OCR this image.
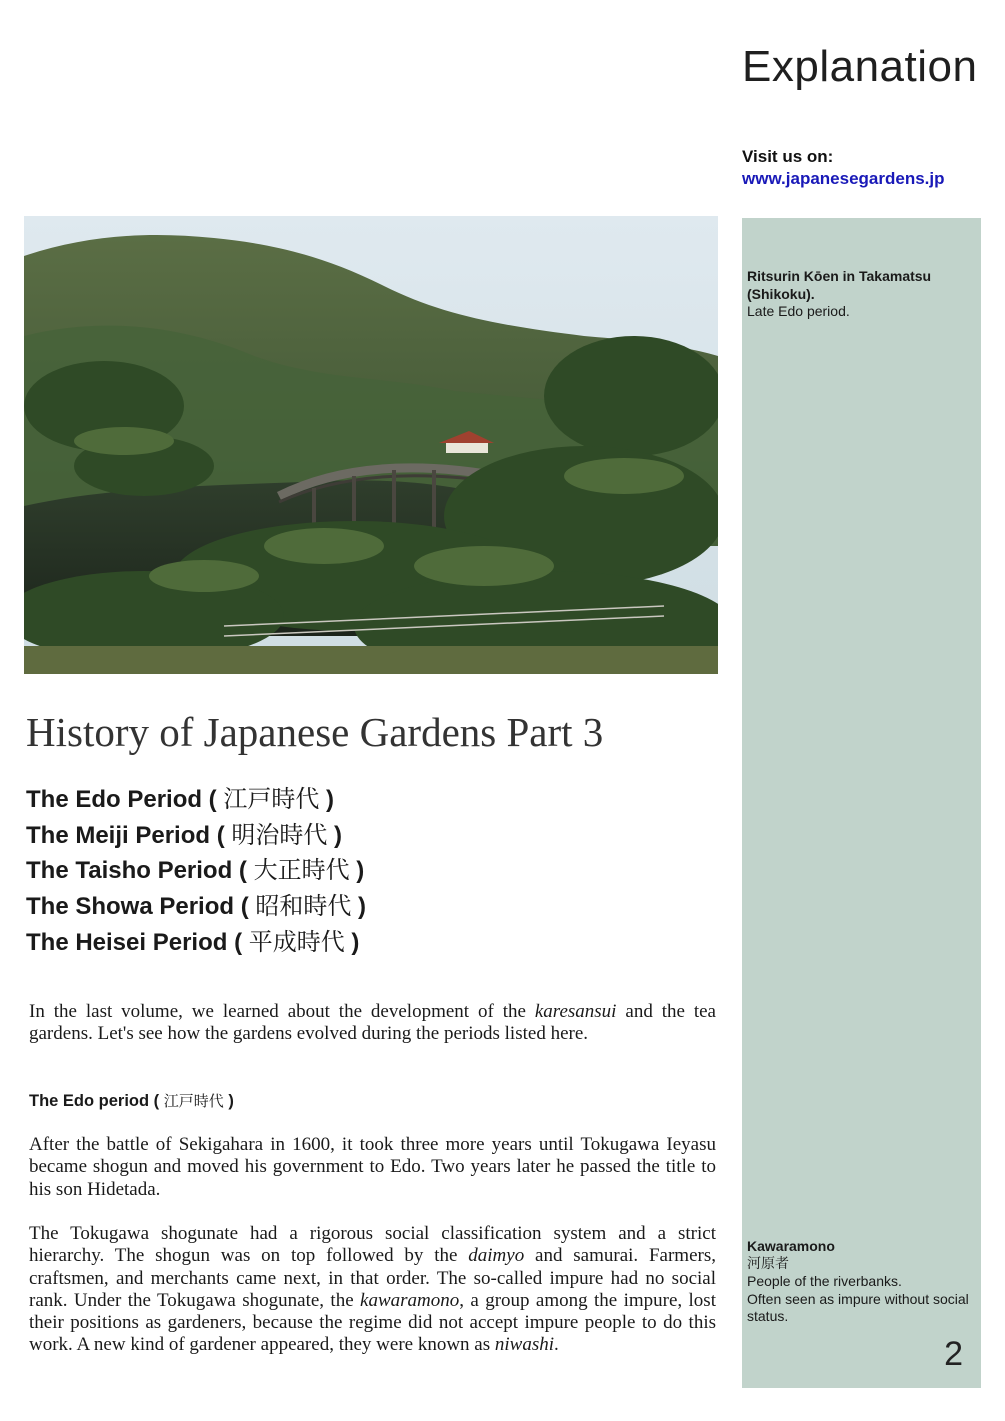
Explanation
Visit us on:
www.japanesegardens.jp
Ritsurin Kōen in Takamatsu (Shikoku).
Late Edo period.
Kawaramono
河原者
People of the riverbanks.
Often seen as impure without social status.
2
History of Japanese Gardens Part 3
The Edo Period ( 江戸時代 )
The Meiji Period ( 明治時代 )
The Taisho Period ( 大正時代 )
The Showa Period ( 昭和時代 )
The Heisei Period ( 平成時代 )
In the last volume, we learned about the development of the karesansui and the tea gardens. Let's see how the gardens evolved during the periods listed here.
The Edo period ( 江戸時代 )
After the battle of Sekigahara in 1600, it took three more years until Tokugawa Ieyasu became shogun and moved his government to Edo. Two years later he passed the title to his son Hidetada.
The Tokugawa shogunate had a rigorous social classification system and a strict hierarchy. The shogun was on top followed by the daimyo and samurai. Farmers, craftsmen, and merchants came next, in that order. The so-called impure had no social rank. Under the Tokugawa shogunate, the kawaramono, a group among the impure, lost their positions as gardeners, because the regime did not accept impure people to do this work. A new kind of gardener appeared, they were known as niwashi.
